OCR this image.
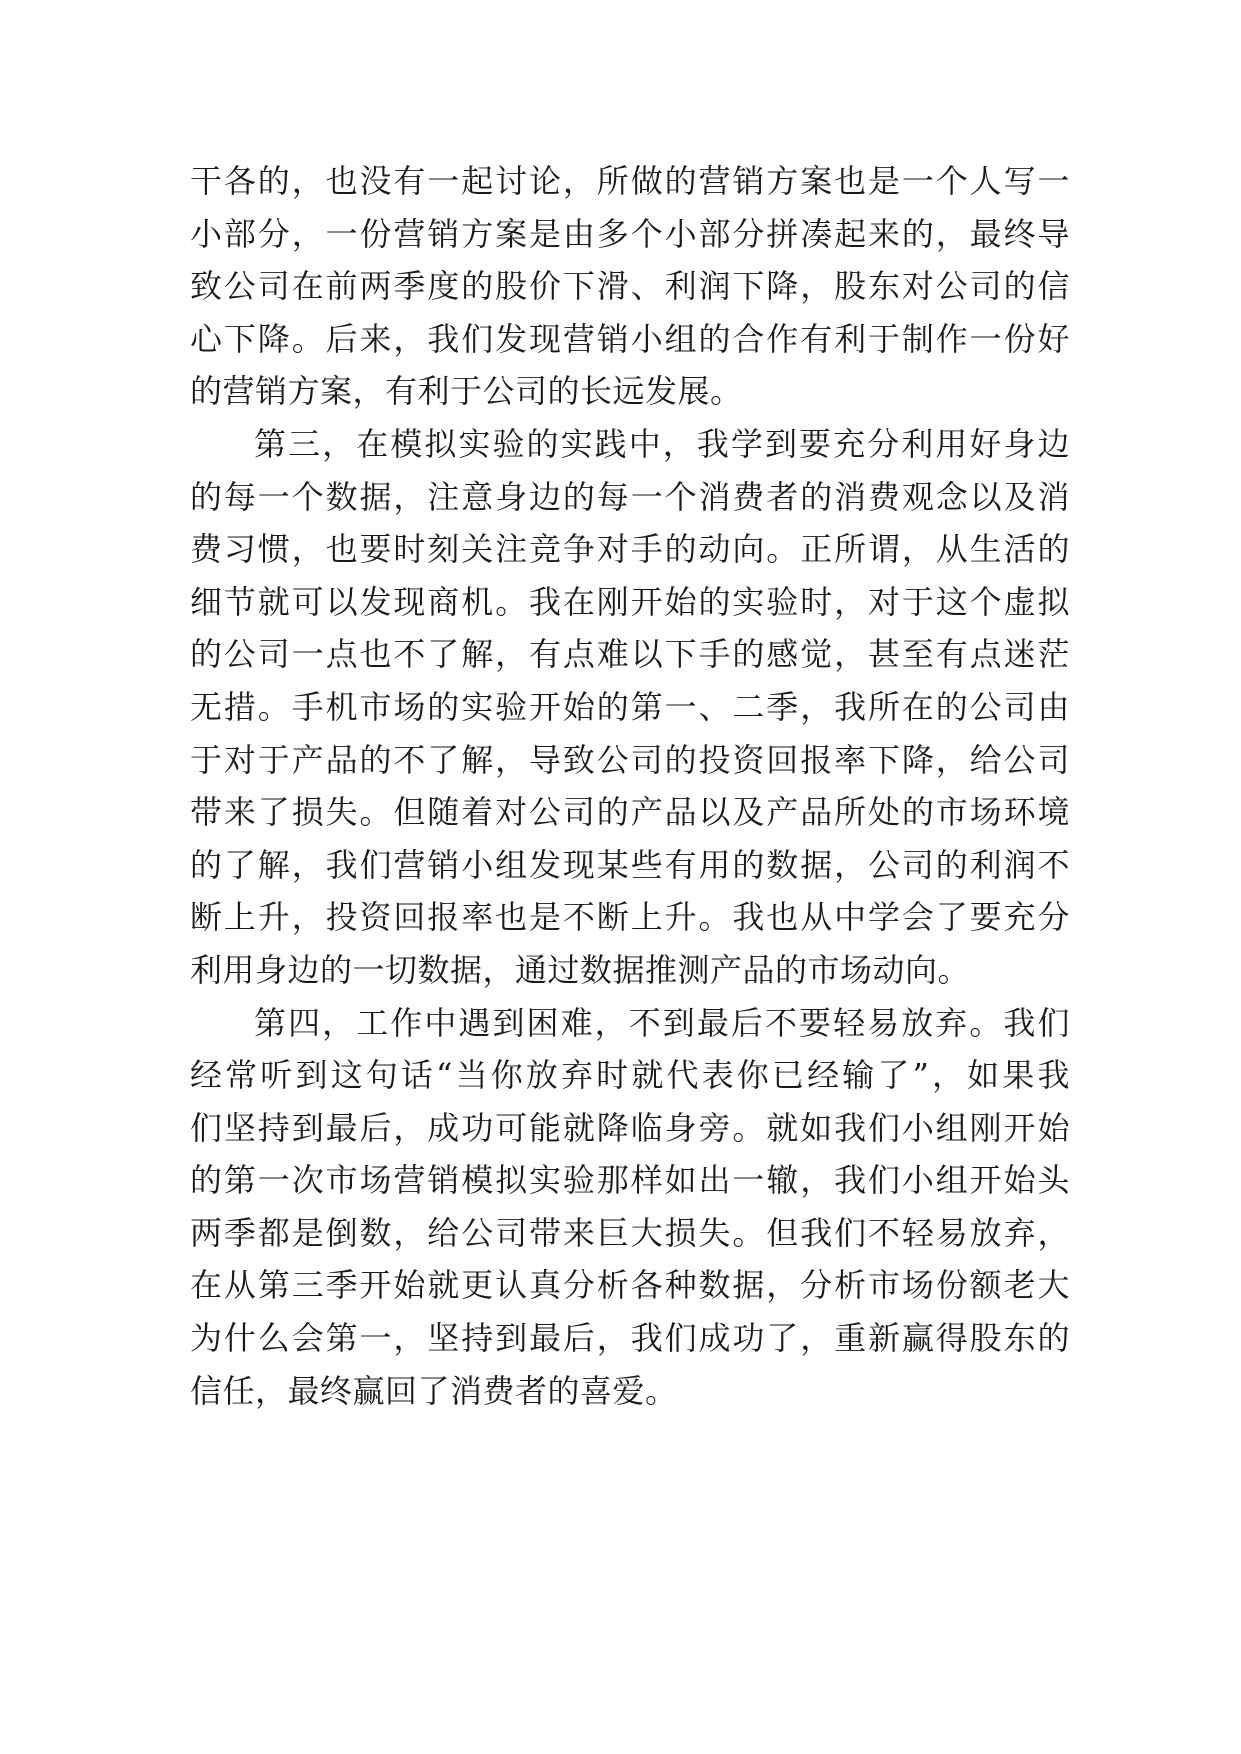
干各的，也没有一起讨论，所做的营销方案也是一个人写一
小部分，一份营销方案是由多个小部分拼凑起来的，最终导
致公司在前两季度的股价下滑、利润下降，股东对公司的信
心下降。后来，我们发现营销小组的合作有利于制作一份好
的营销方案，有利于公司的长远发展。
第三，在模拟实验的实践中，我学到要充分利用好身边
的每一个数据，注意身边的每一个消费者的消费观念以及消
费习惯，也要时刻关注竞争对手的动向。正所谓，从生活的
细节就可以发现商机。我在刚开始的实验时，对于这个虚拟
的公司一点也不了解，有点难以下手的感觉，甚至有点迷茫
无措。手机市场的实验开始的第一、二季，我所在的公司由
于对于产品的不了解，导致公司的投资回报率下降，给公司
带来了损失。但随着对公司的产品以及产品所处的市场环境
的了解，我们营销小组发现某些有用的数据，公司的利润不
断上升，投资回报率也是不断上升。我也从中学会了要充分
利用身边的一切数据，通过数据推测产品的市场动向。
第四，工作中遇到困难，不到最后不要轻易放弃。我们
经常听到这句话“当你放弃时就代表你已经输了”，如果我
们坚持到最后，成功可能就降临身旁。就如我们小组刚开始
的第一次市场营销模拟实验那样如出一辙，我们小组开始头
两季都是倒数，给公司带来巨大损失。但我们不轻易放弃，
在从第三季开始就更认真分析各种数据，分析市场份额老大
为什么会第一，坚持到最后，我们成功了，重新赢得股东的
信任，最终赢回了消费者的喜爱。
